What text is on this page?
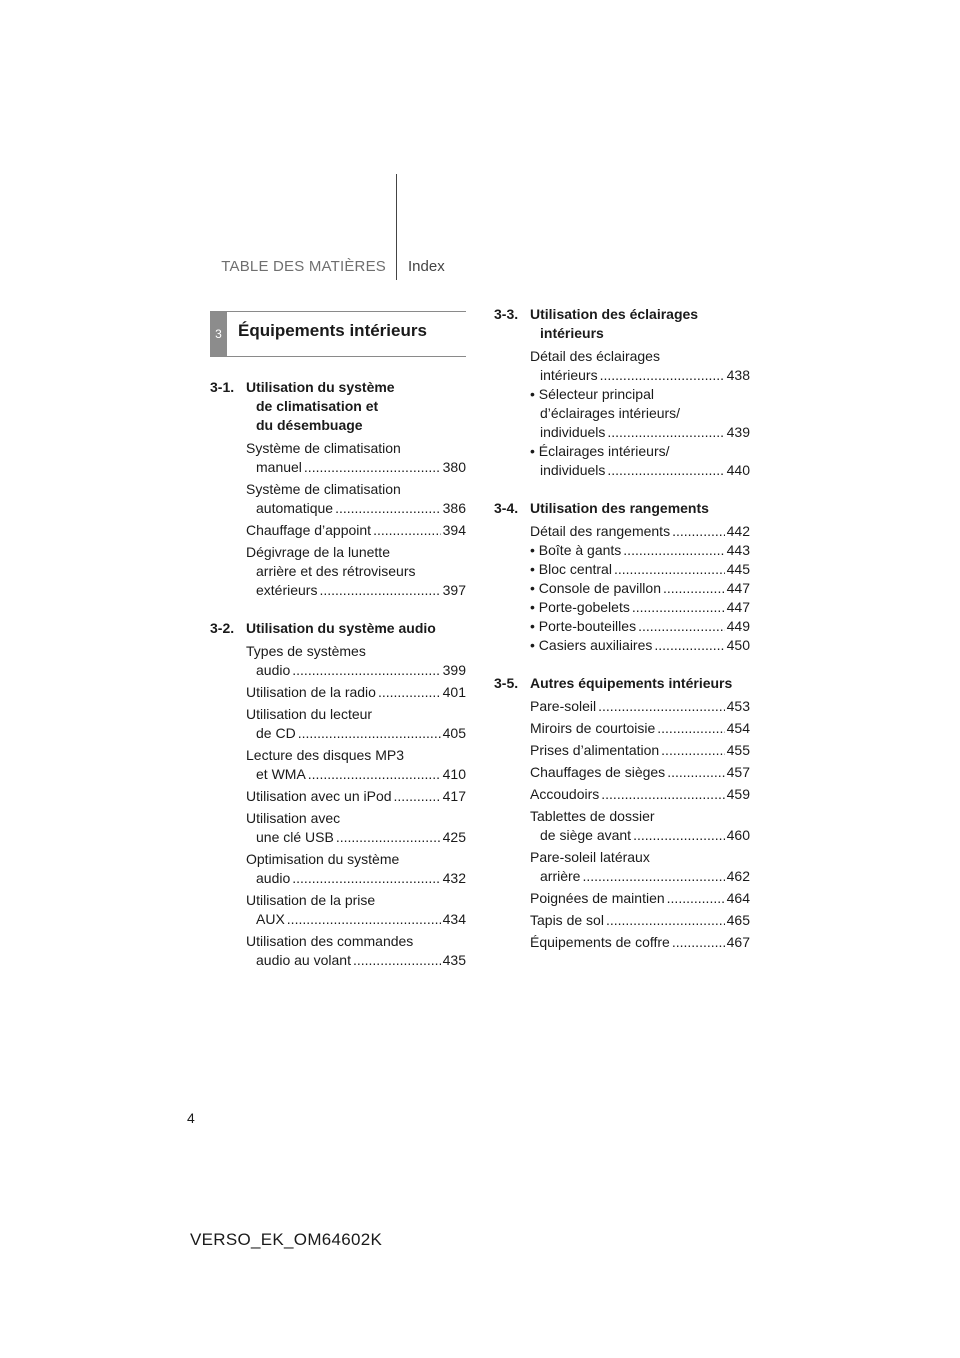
TABLE DES MATIÈRES Index
3 Équipements intérieurs
3-1. Utilisation du système
de climatisation et
du désembuage
Système de climatisation
manuel .....	380
Système de climatisation
automatique .....	386
Chauffage d’appoint .....	394
Dégivrage de la lunette
arrière et des rétroviseurs
extérieurs .....	397
3-2. Utilisation du système audio
Types de systèmes
audio .....	399
Utilisation de la radio .....	401
Utilisation du lecteur
de CD .....	405
Lecture des disques MP3
et WMA .....	410
Utilisation avec un iPod .....	417
Utilisation avec
une clé USB .....	425
Optimisation du système
audio .....	432
Utilisation de la prise
AUX .....	434
Utilisation des commandes
audio au volant .....	435
3-3. Utilisation des éclairages
intérieurs
Détail des éclairages
intérieurs .....	438
• Sélecteur principal
d’éclairages intérieurs/
individuels .....	439
• Éclairages intérieurs/
individuels .....	440
3-4. Utilisation des rangements
Détail des rangements .....	442
• Boîte à gants .....	443
• Bloc central .....	445
• Console de pavillon .....	447
• Porte-gobelets .....	447
• Porte-bouteilles .....	449
• Casiers auxiliaires .....	450
3-5. Autres équipements intérieurs
Pare-soleil .....	453
Miroirs de courtoisie .....	454
Prises d’alimentation .....	455
Chauffages de sièges .....	457
Accoudoirs .....	459
Tablettes de dossier
de siège avant .....	460
Pare-soleil latéraux
arrière .....	462
Poignées de maintien .....	464
Tapis de sol .....	465
Équipements de coffre .....	467
4
VERSO_EK_OM64602K
